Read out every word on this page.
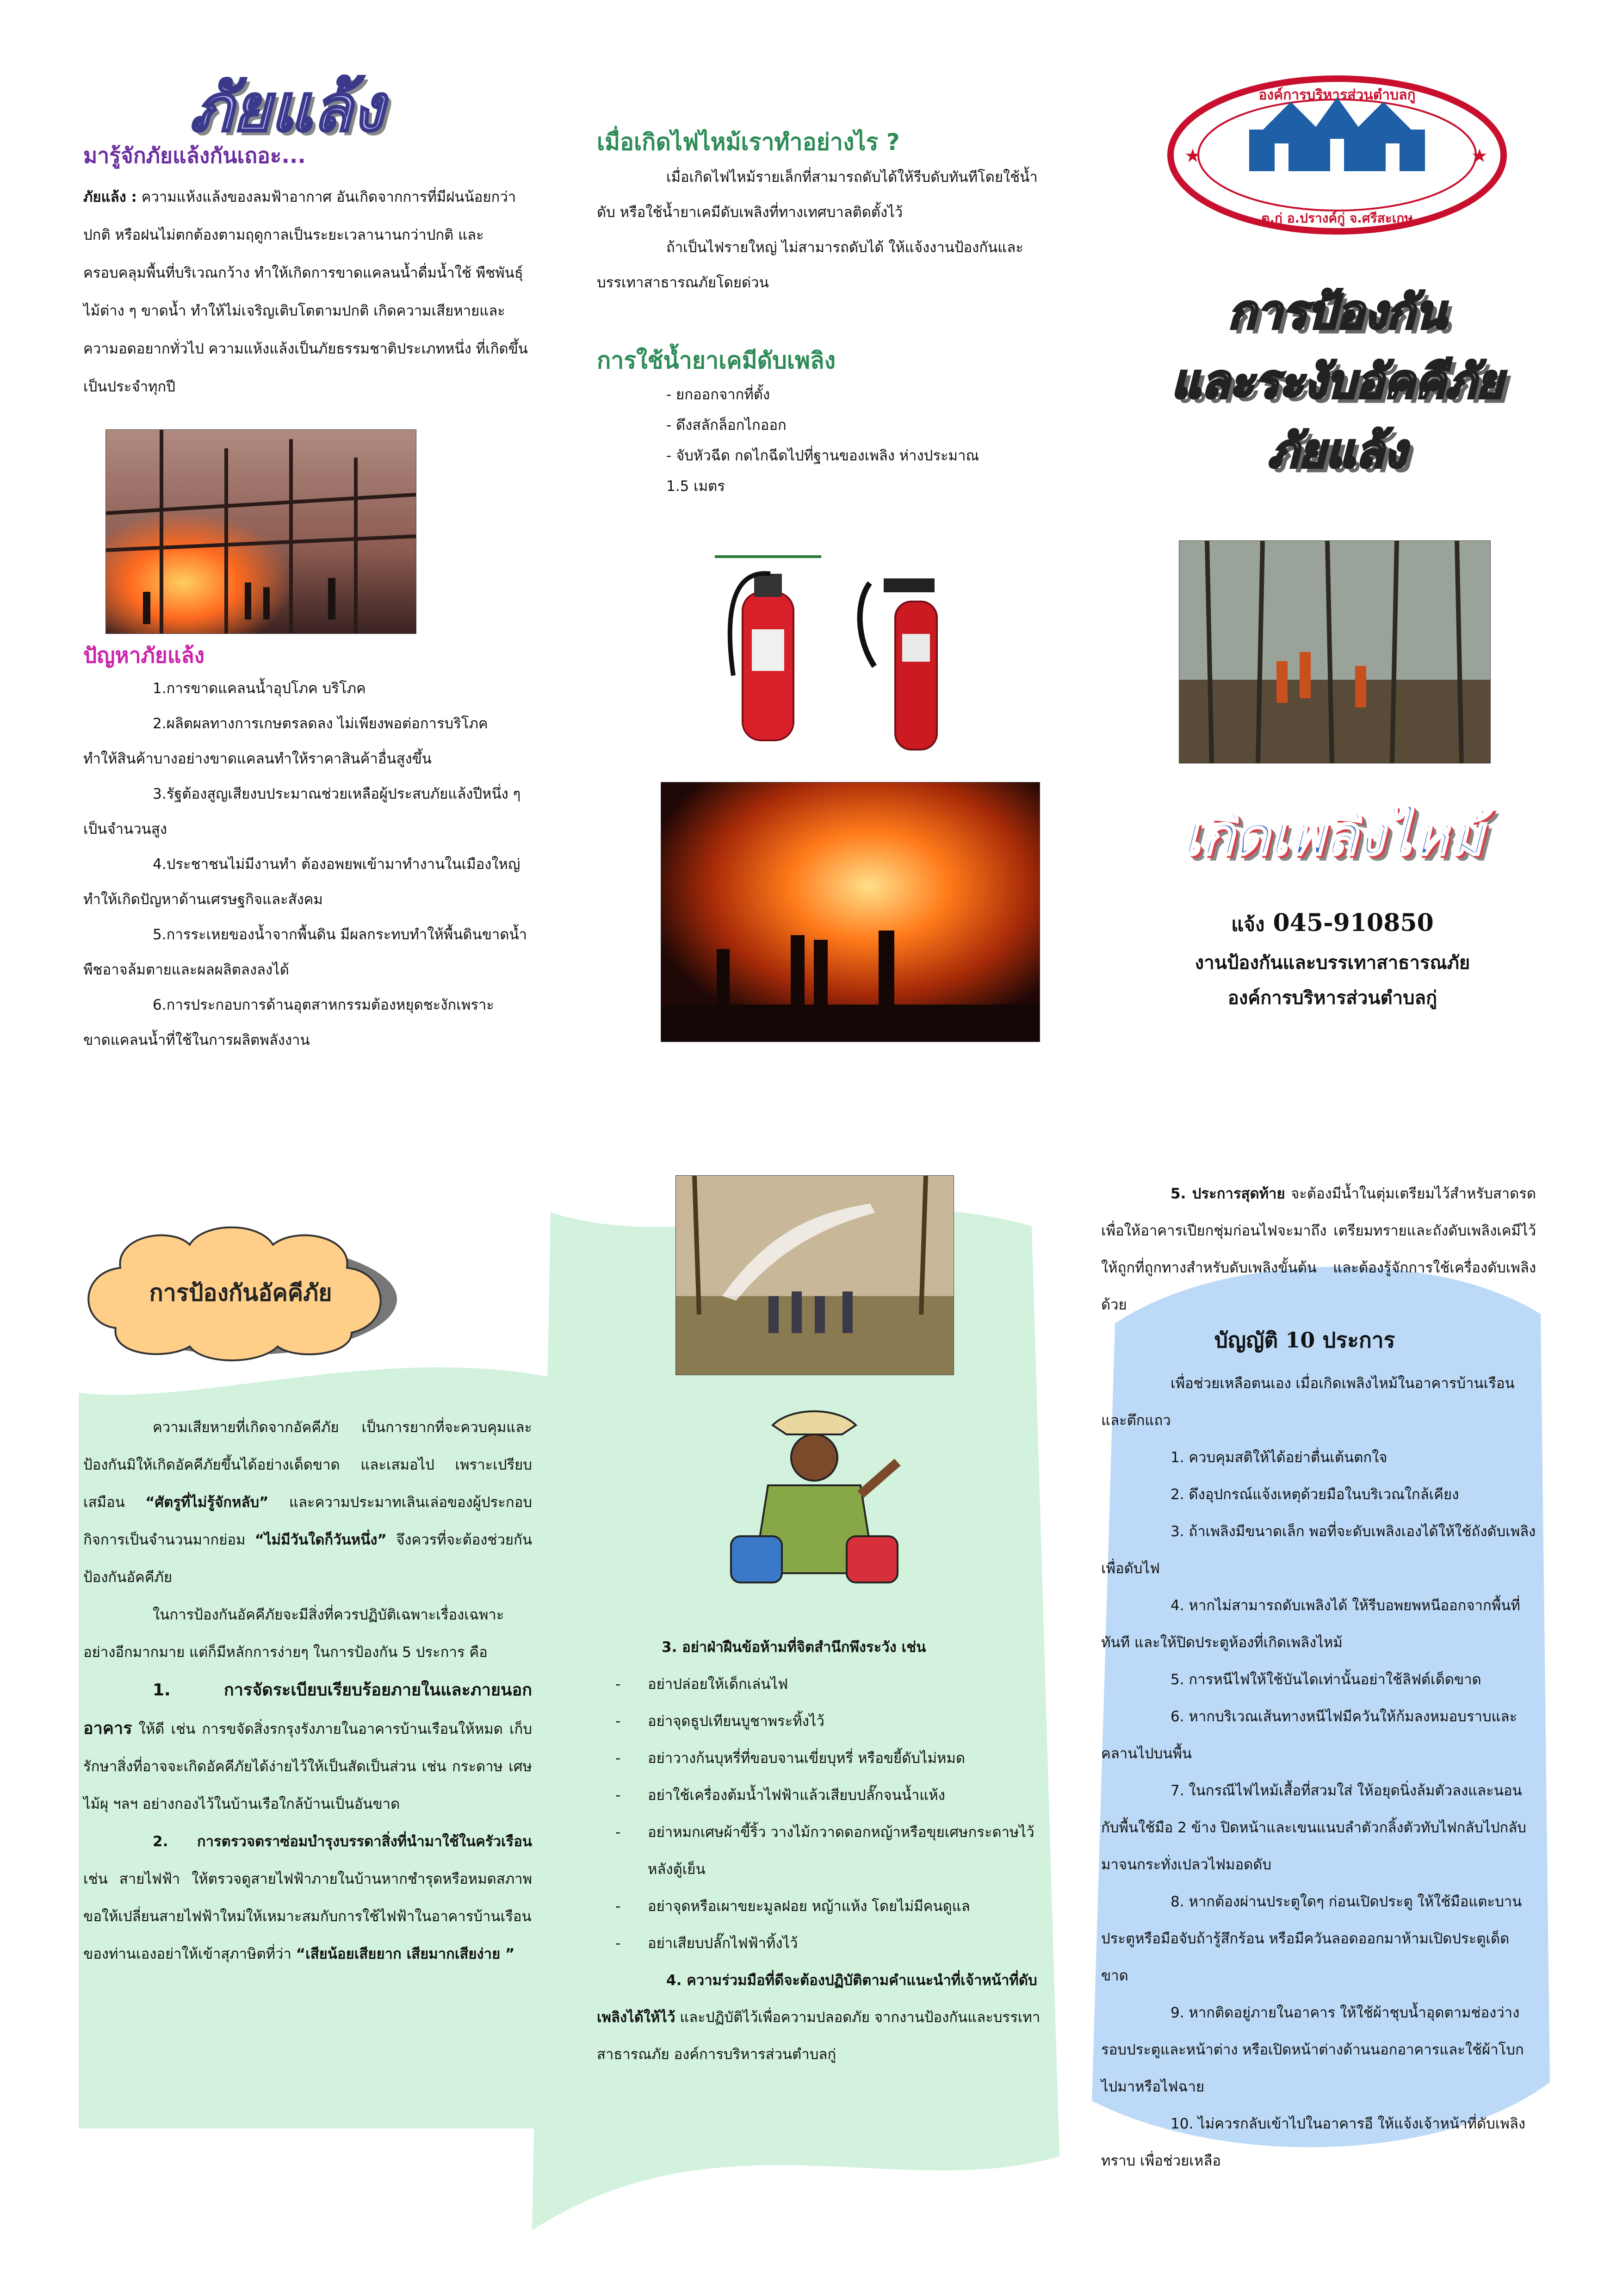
ภัยแล้ง
มารู้จักภัยแล้งกันเถอะ...
ภัยแล้ง : ความแห้งแล้งของลมฟ้าอากาศ อันเกิดจากการที่มีฝนน้อยกว่าปกติ หรือฝนไม่ตกต้องตามฤดูกาลเป็นระยะเวลานานกว่าปกติ และครอบคลุมพื้นที่บริเวณกว้าง ทำให้เกิดการขาดแคลนน้ำดื่มน้ำใช้ พืชพันธุ์ไม้ต่าง ๆ ขาดน้ำ ทำให้ไม่เจริญเติบโตตามปกติ เกิดความเสียหายและความอดอยากทั่วไป ความแห้งแล้งเป็นภัยธรรมชาติประเภทหนึ่ง ที่เกิดขึ้นเป็นประจำทุกปี
ปัญหาภัยแล้ง
1.การขาดแคลนน้ำอุปโภค บริโภค
2.ผลิตผลทางการเกษตรลดลง ไม่เพียงพอต่อการบริโภค
ทำให้สินค้าบางอย่างขาดแคลนทำให้ราคาสินค้าอื่นสูงขึ้น
3.รัฐต้องสูญเสียงบประมาณช่วยเหลือผู้ประสบภัยแล้งปีหนึ่ง ๆ เป็นจำนวนสูง
4.ประชาชนไม่มีงานทำ ต้องอพยพเข้ามาทำงานในเมืองใหญ่ ทำให้เกิดปัญหาด้านเศรษฐกิจและสังคม
5.การระเหยของน้ำจากพื้นดิน มีผลกระทบทำให้พื้นดินขาดน้ำ พืชอาจล้มตายและผลผลิตลงลงได้
6.การประกอบการด้านอุตสาหกรรมต้องหยุดชะงักเพราะขาดแคลนน้ำที่ใช้ในการผลิตพลังงาน
เมื่อเกิดไฟไหม้เราทำอย่างไร ?
เมื่อเกิดไฟไหม้รายเล็กที่สามารถดับได้ให้รีบดับทันทีโดยใช้น้ำดับ หรือใช้น้ำยาเคมีดับเพลิงที่ทางเทศบาลติดตั้งไว้
ถ้าเป็นไฟรายใหญ่ ไม่สามารถดับได้ ให้แจ้งงานป้องกันและบรรเทาสาธารณภัยโดยด่วน
การใช้น้ำยาเคมีดับเพลิง
- ยกออกจากที่ตั้ง
- ดึงสลักล็อกไกออก
- จับหัวฉีด กดไกฉีดไปที่ฐานของเพลิง ห่างประมาณ
1.5 เมตร
★	★
องค์การบริหารส่วนตำบลกู่
ต.กู่ อ.ปรางค์กู่ จ.ศรีสะเกษ
การป้องกัน
และระงับอัคคีภัย
ภัยแล้ง
เกิดเพลิงไหม้
แจ้ง 045-910850
งานป้องกันและบรรเทาสาธารณภัย
องค์การบริหารส่วนตำบลกู่
การป้องกันอัคคีภัย
ความเสียหายที่เกิดจากอัคคีภัย เป็นการยากที่จะควบคุมและป้องกันมิให้เกิดอัคคีภัยขึ้นได้อย่างเด็ดขาด และเสมอไป เพราะเปรียบเสมือน “ศัตรูที่ไม่รู้จักหลับ” และความประมาทเลินเล่อของผู้ประกอบกิจการเป็นจำนวนมากย่อม “ไม่มีวันใดก็วันหนึ่ง” จึงควรที่จะต้องช่วยกันป้องกันอัคคีภัย
ในการป้องกันอัคคีภัยจะมีสิ่งที่ควรปฏิบัติเฉพาะเรื่องเฉพาะอย่างอีกมากมาย แต่ก็มีหลักการง่ายๆ ในการป้องกัน 5 ประการ คือ
1. การจัดระเบียบเรียบร้อยภายในและภายนอกอาคาร ให้ดี เช่น การขจัดสิ่งรกรุงรังภายในอาคารบ้านเรือนให้หมด เก็บรักษาสิ่งที่อาจจะเกิดอัคคีภัยได้ง่ายไว้ให้เป็นสัดเป็นส่วน เช่น กระดาษ เศษไม้ผุ ฯลฯ อย่างกองไว้ในบ้านเรือใกล้บ้านเป็นอันขาด
2. การตรวจตราซ่อมบำรุงบรรดาสิ่งที่นำมาใช้ในครัวเรือน เช่น สายไฟฟ้า ให้ตรวจดูสายไฟฟ้าภายในบ้านหากชำรุดหรือหมดสภาพ ขอให้เปลี่ยนสายไฟฟ้าใหม่ให้เหมาะสมกับการใช้ไฟฟ้าในอาคารบ้านเรือนของท่านเองอย่าให้เข้าสุภาษิตที่ว่า “เสียน้อยเสียยาก เสียมากเสียง่าย ”
3. อย่าฝ่าฝืนข้อห้ามที่จิตสำนึกพึงระวัง เช่น
- อย่าปล่อยให้เด็กเล่นไฟ
- อย่าจุดธูปเทียนบูชาพระทิ้งไว้
- อย่าวางก้นบุหรี่ที่ขอบจานเขี่ยบุหรี่ หรือขยี้ดับไม่หมด
- อย่าใช้เครื่องต้มน้ำไฟฟ้าแล้วเสียบปลั๊กจนน้ำแห้ง
- อย่าหมกเศษผ้าขี้ริ้ว วางไม้กวาดดอกหญ้าหรือขุยเศษกระดาษไว้หลังตู้เย็น
- อย่าจุดหรือเผาขยะมูลฝอย หญ้าแห้ง โดยไม่มีคนดูแล
- อย่าเสียบปลั๊กไฟฟ้าทิ้งไว้
4. ความร่วมมือที่ดีจะต้องปฏิบัติตามคำแนะนำที่เจ้าหน้าที่ดับเพลิงได้ให้ไว้ และปฏิบัติไว้เพื่อความปลอดภัย จากงานป้องกันและบรรเทาสาธารณภัย องค์การบริหารส่วนตำบลกู่
5. ประการสุดท้าย จะต้องมีน้ำในตุ่มเตรียมไว้สำหรับสาดรดเพื่อให้อาคารเปียกชุ่มก่อนไฟจะมาถึง เตรียมทรายและถังดับเพลิงเคมีไว้ให้ถูกที่ถูกทางสำหรับดับเพลิงขั้นต้น และต้องรู้จักการใช้เครื่องดับเพลิงด้วย
บัญญัติ 10 ประการ
เพื่อช่วยเหลือตนเอง เมื่อเกิดเพลิงไหม้ในอาคารบ้านเรือน และตึกแถว
1. ควบคุมสติให้ได้อย่าตื่นเต้นตกใจ
2. ดึงอุปกรณ์แจ้งเหตุด้วยมือในบริเวณใกล้เคียง
3. ถ้าเพลิงมีขนาดเล็ก พอที่จะดับเพลิงเองได้ให้ใช้ถังดับเพลิงเพื่อดับไฟ
4. หากไม่สามารถดับเพลิงได้ ให้รีบอพยพหนีออกจากพื้นที่ทันที และให้ปิดประตูห้องที่เกิดเพลิงไหม้
5. การหนีไฟให้ใช้บันไดเท่านั้นอย่าใช้ลิฟต์เด็ดขาด
6. หากบริเวณเส้นทางหนีไฟมีควันให้ก้มลงหมอบราบและคลานไปบนพื้น
7. ในกรณีไฟไหม้เสื้อที่สวมใส่ ให้อยุดนิ่งล้มตัวลงและนอนกับพื้นใช้มือ 2 ข้าง ปิดหน้าและเขนแนบลำตัวกลิ้งตัวทับไฟกลับไปกลับมาจนกระทั่งเปลวไฟมอดดับ
8. หากต้องผ่านประตูใดๆ ก่อนเปิดประตู ให้ใช้มือแตะบานประตูหรือมือจับถ้ารู้สึกร้อน หรือมีควันลอดออกมาห้ามเปิดประตูเด็ดขาด
9. หากติดอยู่ภายในอาคาร ให้ใช้ผ้าชุบน้ำอุดตามช่องว่างรอบประตูและหน้าต่าง หรือเปิดหน้าต่างด้านนอกอาคารและใช้ผ้าโบกไปมาหรือไฟฉาย
10. ไม่ควรกลับเข้าไปในอาคารอี ให้แจ้งเจ้าหน้าที่ดับเพลิงทราบ เพื่อช่วยเหลือ
